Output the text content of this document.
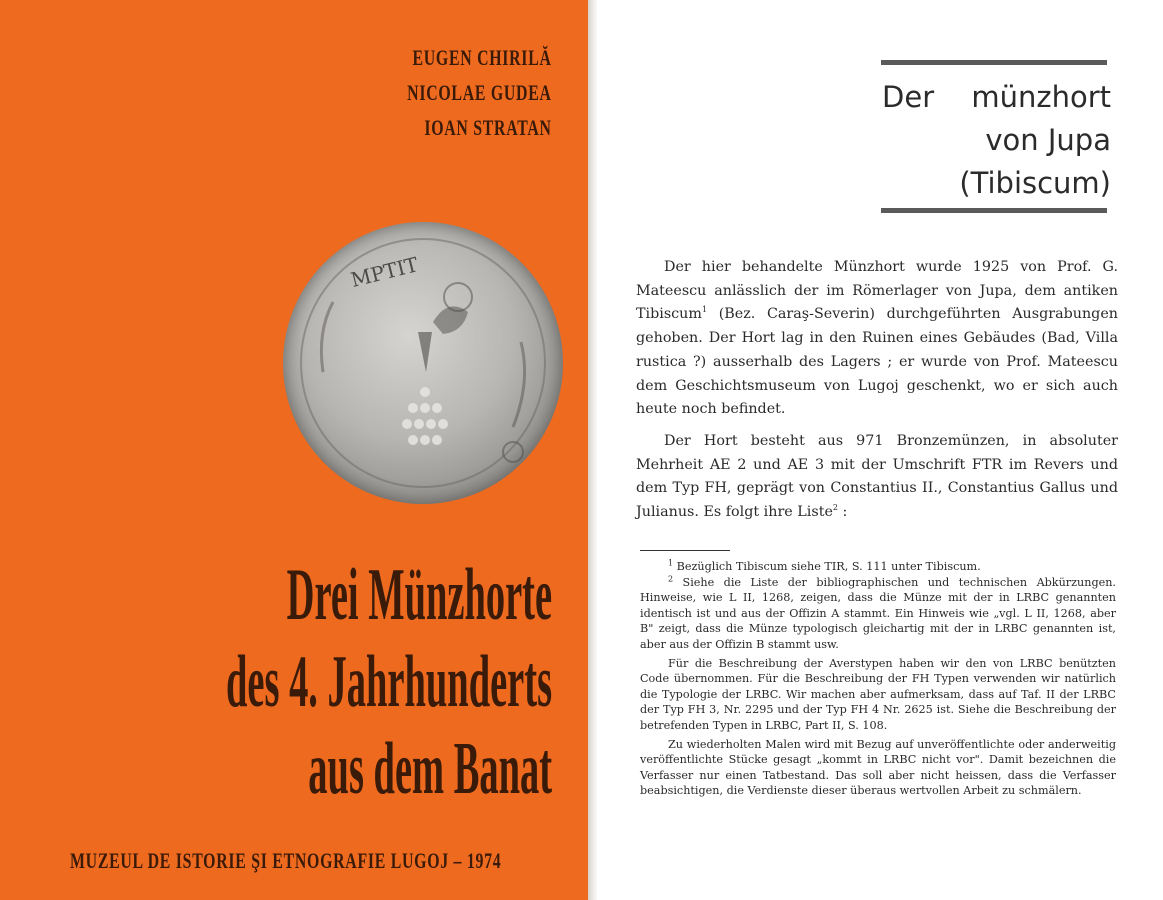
EUGEN CHIRILĂ
NICOLAE GUDEA
IOAN STRATAN
MPTIT
Drei Münzhorte
des 4. Jahrhunderts
aus dem Banat
MUZEUL DE ISTORIE ŞI ETNOGRAFIE LUGOJ – 1974
Der münzhort
von Jupa
(Tibiscum)

Der hier behandelte Münzhort wurde 1925 von Prof. G. Mateescu anlässlich der im Römerlager von Jupa, dem antiken Tibiscum$^1$ (Bez. Caraş-Severin) durchgeführten Ausgrabungen gehoben. Der Hort lag in den Ruinen eines Gebäudes (Bad, Villa rustica ?) ausserhalb des Lagers ; er wurde von Prof. Mateescu dem Geschichtsmuseum von Lugoj geschenkt, wo er sich auch heute noch befindet.

Der Hort besteht aus 971 Bronzemünzen, in absoluter Mehrheit AE 2 und AE 3 mit der Umschrift FTR im Revers und dem Typ FH, geprägt von Constantius II., Constantius Gallus und Julianus. Es folgt ihre Liste$^2$ :

$^1$ Bezüglich Tibiscum siehe TIR, S. 111 unter Tibiscum.

$^2$ Siehe die Liste der bibliographischen und technischen Abkürzungen. Hinweise, wie L II, 1268, zeigen, dass die Münze mit der in LRBC genannten identisch ist und aus der Offizin A stammt. Ein Hinweis wie „vgl. L II, 1268, aber B" zeigt, dass die Münze typologisch gleichartig mit der in LRBC genannten ist, aber aus der Offizin B stammt usw.

Für die Beschreibung der Averstypen haben wir den von LRBC benützten Code übernommen. Für die Beschreibung der FH Typen verwenden wir natürlich die Typologie der LRBC. Wir machen aber aufmerksam, dass auf Taf. II der LRBC der Typ FH 3, Nr. 2295 und der Typ FH 4 Nr. 2625 ist. Siehe die Beschreibung der betrefenden Typen in LRBC, Part II, S. 108.

Zu wiederholten Malen wird mit Bezug auf unveröffentlichte oder anderweitig veröffentlichte Stücke gesagt „kommt in LRBC nicht vor". Damit bezeichnen die Verfasser nur einen Tatbestand. Das soll aber nicht heissen, dass die Verfasser beabsichtigen, die Verdienste dieser überaus wertvollen Arbeit zu schmälern.
